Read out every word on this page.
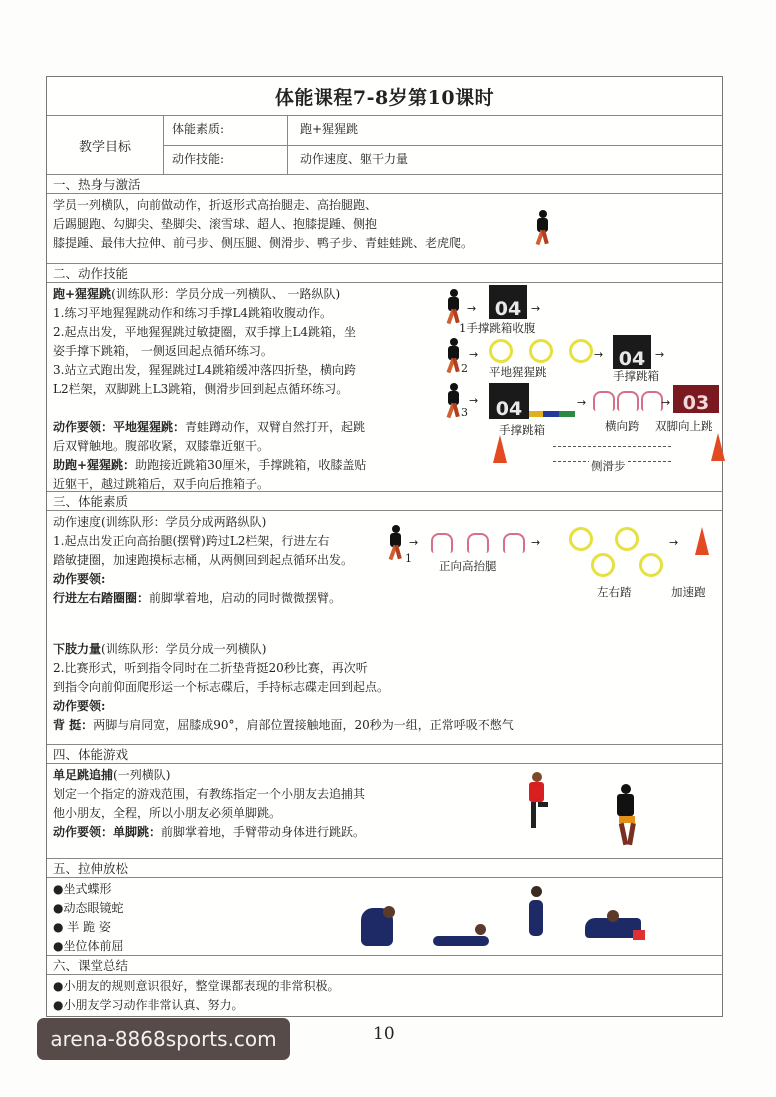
体能课程7-8岁第10课时
教学目标
体能素质:	跑+猩猩跳
动作技能:	动作速度、躯干力量
一、热身与激活
学员一列横队，向前做动作，折返形式高抬腿走、高抬腿跑、
后踢腿跑、勾脚尖、垫脚尖、滚雪球、超人、抱膝提踵、侧抱
膝提踵、最伟大拉伸、前弓步、侧压腿、侧滑步、鸭子步、青蛙蛙跳、老虎爬。
二、动作技能
跑+猩猩跳(训练队形：学员分成一列横队、 一路纵队)
1.练习平地猩猩跳动作和练习手撑L4跳箱收腹动作。
2.起点出发，平地猩猩跳过敏捷圈，双手撑上L4跳箱，坐
姿手撑下跳箱， 一侧返回起点循环练习。
3.站立式跑出发，猩猩跳过L4跳箱缓冲落四折垫，横向跨
L2栏架，双脚跳上L3跳箱，侧滑步回到起点循环练习。
动作要领：平地猩猩跳：青蛙蹲动作，双臂自然打开，起跳
后双臂触地。腹部收紧，双膝靠近躯干。
助跑+猩猩跳：助跑接近跳箱30厘米，手撑跳箱，收膝盖贴
近躯干，越过跳箱后，双手向后推箱子。
→ 04 →
1手撑跳箱收腹
2
→	→ 04 →
平地猩猩跳	手撑跳箱
3
→ 04	→	→ 03
手撑跳箱	横向跨 双脚向上跳
侧滑步
三、体能素质
动作速度(训练队形：学员分成两路纵队)
1.起点出发正向高抬腿(摆臂)跨过L2栏架，行进左右
踏敏捷圈，加速跑摸标志桶，从两侧回到起点循环出发。
动作要领:
行进左右踏圈圈：前脚掌着地，启动的同时微微摆臂。
下肢力量(训练队形：学员分成一列横队)
2.比赛形式，听到指令同时在二折垫背挺20秒比赛，再次听
到指令向前仰面爬形运一个标志碟后，手持标志碟走回到起点。
动作要领:
背 挺：两脚与肩同宽，屈膝成90°，肩部位置接触地面，20秒为一组，正常呼吸不憋气
1
→	→	→
正向高抬腿
左右踏	加速跑
四、体能游戏
单足跳追捕(一列横队)
划定一个指定的游戏范围，有教练指定一个小朋友去追捕其
他小朋友，全程，所以小朋友必须单脚跳。
动作要领：单脚跳：前脚掌着地，手臂带动身体进行跳跃。
五、拉伸放松
●坐式蝶形
●动态眼镜蛇
● 半 跪 姿
●坐位体前屈
六、课堂总结
●小朋友的规则意识很好，整堂课都表现的非常积极。
●小朋友学习动作非常认真、努力。
10
arena-8868sports.com
